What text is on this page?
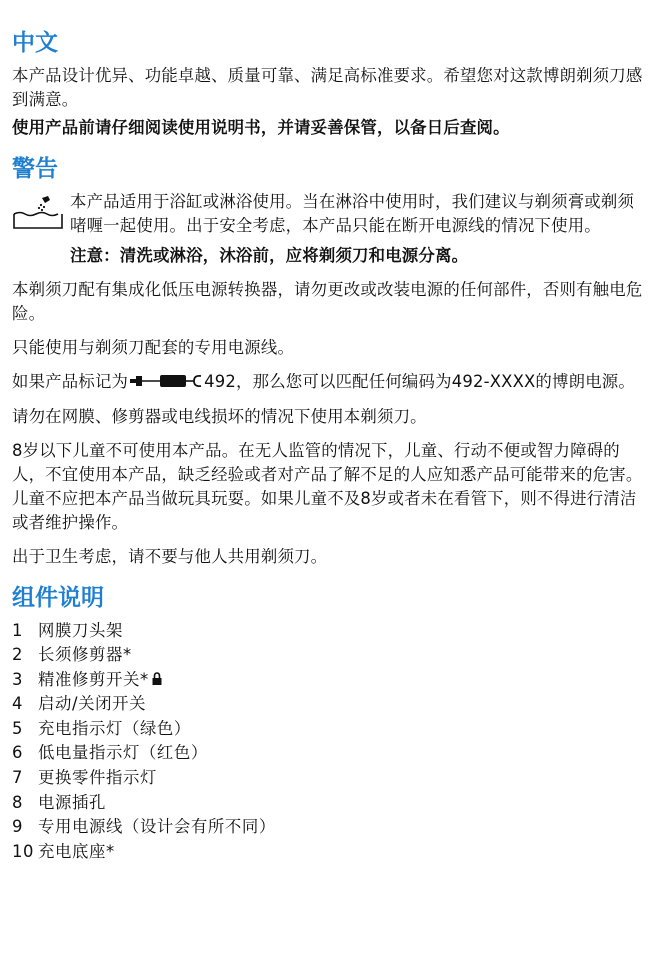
中文

本产品设计优异、功能卓越、质量可靠、满足高标准要求。希望您对这款博朗剃须刀感到满意。

使用产品前请仔细阅读使用说明书，并请妥善保管，以备日后查阅。

警告

本产品适用于浴缸或淋浴使用。当在淋浴中使用时，我们建议与剃须膏或剃须啫喱一起使用。出于安全考虑，本产品只能在断开电源线的情况下使用。

注意：清洗或淋浴，沐浴前，应将剃须刀和电源分离。

本剃须刀配有集成化低压电源转换器，请勿更改或改装电源的任何部件，否则有触电危险。

只能使用与剃须刀配套的专用电源线。

如果产品标记为	492，那么您可以匹配任何编码为492-XXXX的博朗电源。

请勿在网膜、修剪器或电线损坏的情况下使用本剃须刀。

8岁以下儿童不可使用本产品。在无人监管的情况下，儿童、行动不便或智力障碍的人，不宜使用本产品，缺乏经验或者对产品了解不足的人应知悉产品可能带来的危害。儿童不应把本产品当做玩具玩耍。如果儿童不及8岁或者未在看管下，则不得进行清洁或者维护操作。

出于卫生考虑，请不要与他人共用剃须刀。

组件说明
1 网膜刀头架
2 长须修剪器*
3 精准修剪开关*
4 启动/关闭开关
5 充电指示灯（绿色）
6 低电量指示灯（红色）
7 更换零件指示灯
8 电源插孔
9 专用电源线（设计会有所不同）
10 充电底座*
